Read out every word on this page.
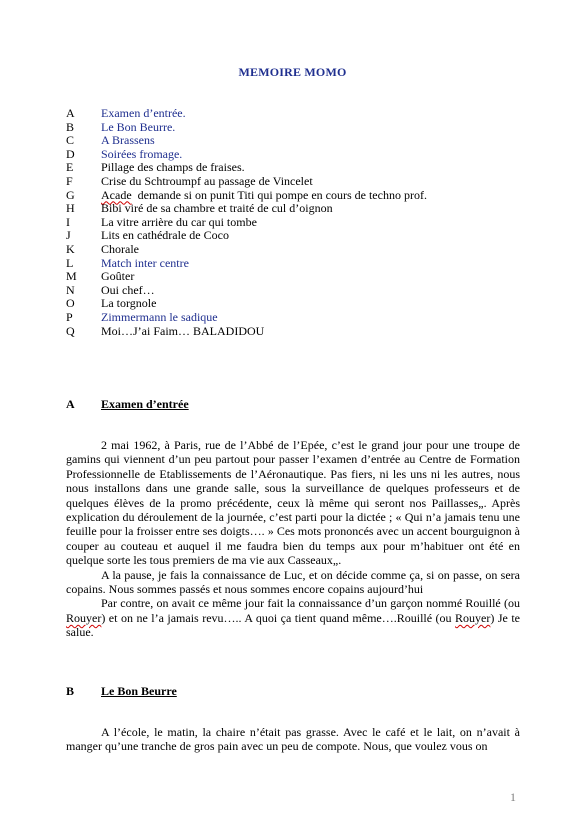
MEMOIRE MOMO
A	Examen d’entrée.
B	Le Bon Beurre.
C	A Brassens
D	Soirées fromage.
E	Pillage des champs de fraises.
F	Crise du Schtroumpf au passage de Vincelet
G	Acade  demande si on punit Titi qui pompe en cours de techno prof.
H	Bibi viré de sa chambre et traité de cul d’oignon
I	La vitre arrière du car qui tombe
J	Lits en cathédrale de Coco
K	Chorale
L	Match inter centre
M	Goûter
N	Oui chef…
O	La torgnole
P	Zimmermann le sadique
Q	Moi…J’ai Faim… BALADIDOU
A	Examen d’entrée

2 mai 1962, à Paris, rue de l’Abbé de l’Epée, c’est le grand jour pour une troupe de gamins qui viennent d’un peu partout pour passer l’examen d’entrée au Centre de Formation Professionnelle de Etablissements de l’Aéronautique. Pas fiers, ni les uns ni les autres, nous nous installons dans une grande salle, sous la surveillance de quelques professeurs et de quelques élèves de la promo précédente, ceux là même qui seront nos Paillasses„. Après explication du déroulement de la journée, c’est parti pour la dictée ; « Qui n’a jamais tenu une feuille pour la froisser entre ses doigts…. » Ces mots prononcés avec un accent bourguignon à couper au couteau et auquel il me faudra bien du temps aux pour m’habituer ont été en quelque sorte les tous premiers de ma vie aux Casseaux„.

A la pause, je fais la connaissance de Luc, et on décide comme ça, si on passe, on sera copains. Nous sommes passés et nous sommes encore copains aujourd’hui

Par contre, on avait ce même jour fait la connaissance d’un garçon nommé Rouillé (ou Rouyer) et on ne l’a jamais revu….. A quoi ça tient quand même….Rouillé (ou Rouyer) Je te salue.

B	Le Bon Beurre

A l’école, le matin, la chaire n’était pas grasse. Avec le café et le lait, on n’avait à manger qu’une tranche de gros pain avec un peu de compote. Nous, que voulez vous on

1
